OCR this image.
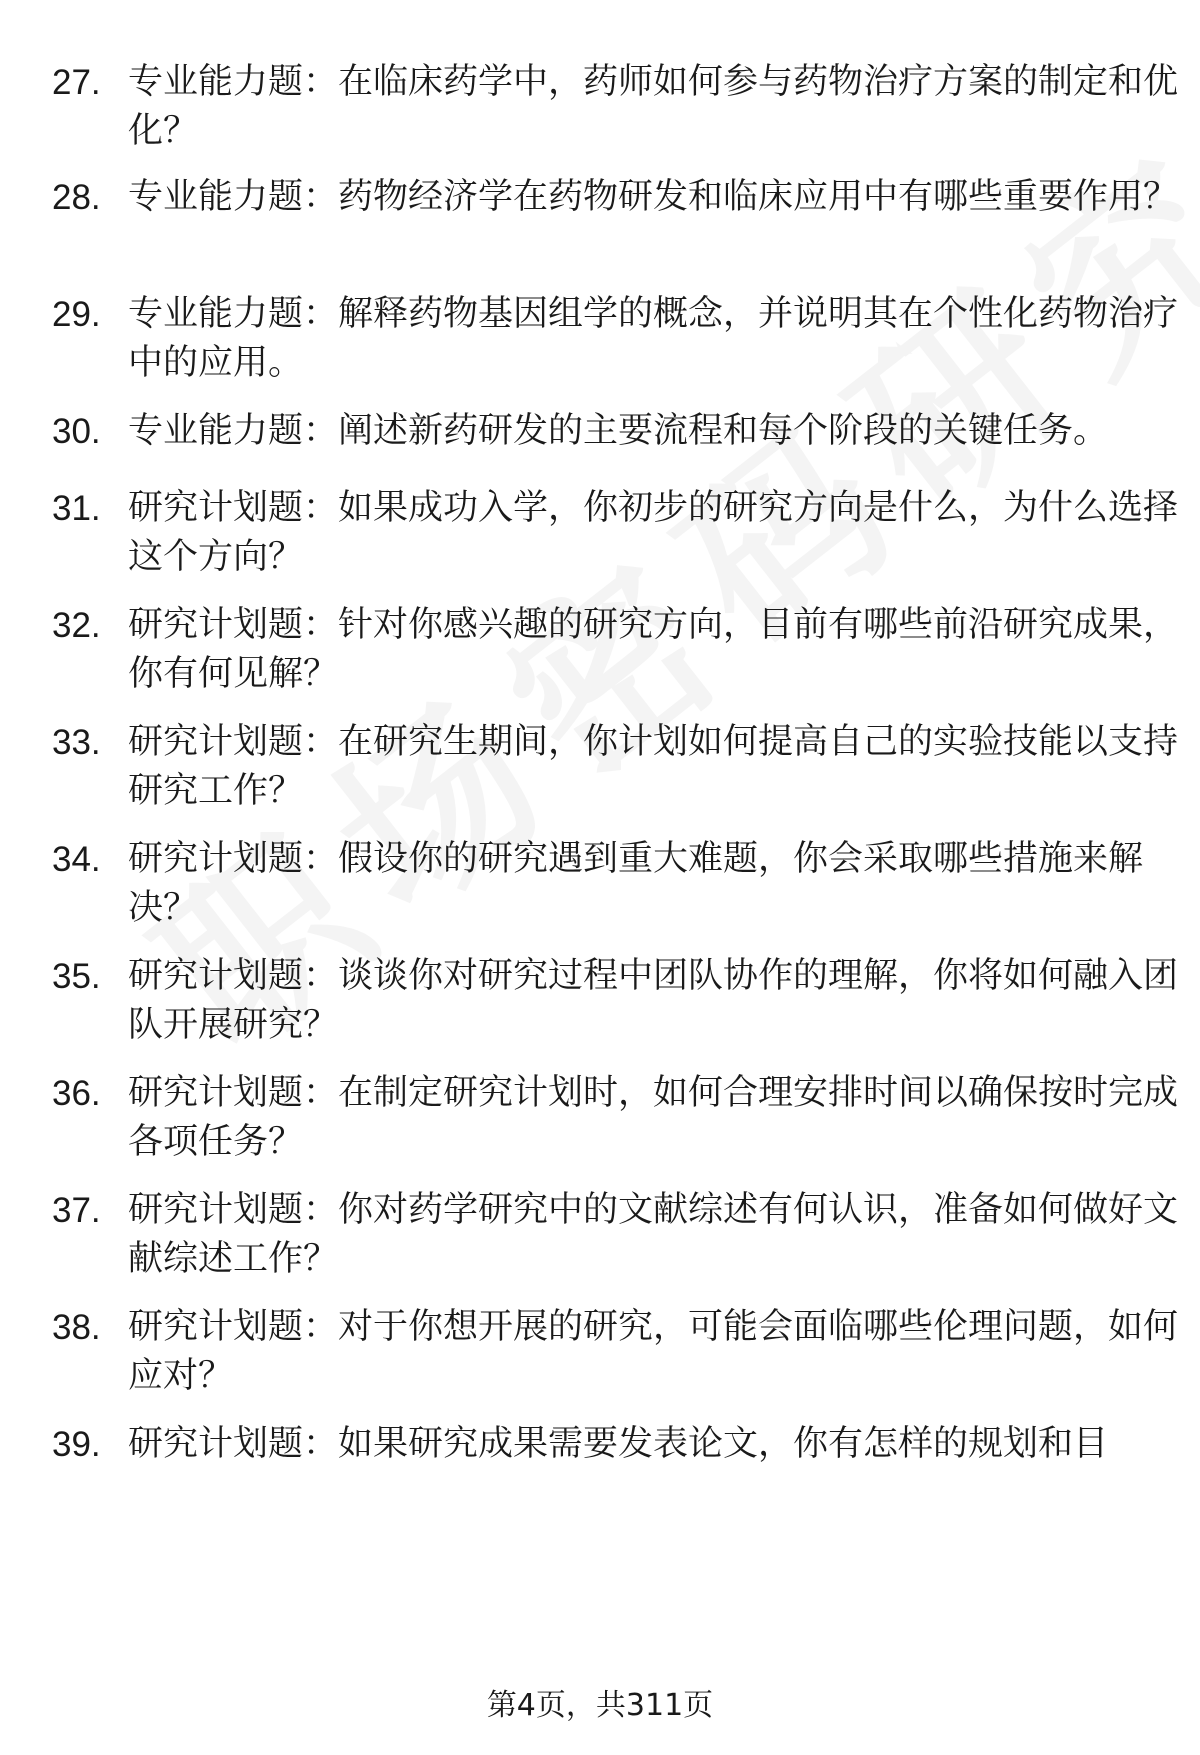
27. 专业能力题：在临床药学中，药师如何参与药物治疗方案的制定和优化？
28. 专业能力题：药物经济学在药物研发和临床应用中有哪些重要作用？
29. 专业能力题：解释药物基因组学的概念，并说明其在个性化药物治疗中的应用。
30. 专业能力题：阐述新药研发的主要流程和每个阶段的关键任务。
31. 研究计划题：如果成功入学，你初步的研究方向是什么，为什么选择这个方向？
32. 研究计划题：针对你感兴趣的研究方向，目前有哪些前沿研究成果，你有何见解？
33. 研究计划题：在研究生期间，你计划如何提高自己的实验技能以支持研究工作？
34. 研究计划题：假设你的研究遇到重大难题，你会采取哪些措施来解决？
35. 研究计划题：谈谈你对研究过程中团队协作的理解，你将如何融入团队开展研究？
36. 研究计划题：在制定研究计划时，如何合理安排时间以确保按时完成各项任务？
37. 研究计划题：你对药学研究中的文献综述有何认识，准备如何做好文献综述工作？
38. 研究计划题：对于你想开展的研究，可能会面临哪些伦理问题，如何应对？
39. 研究计划题：如果研究成果需要发表论文，你有怎样的规划和目
第4页，共311页
